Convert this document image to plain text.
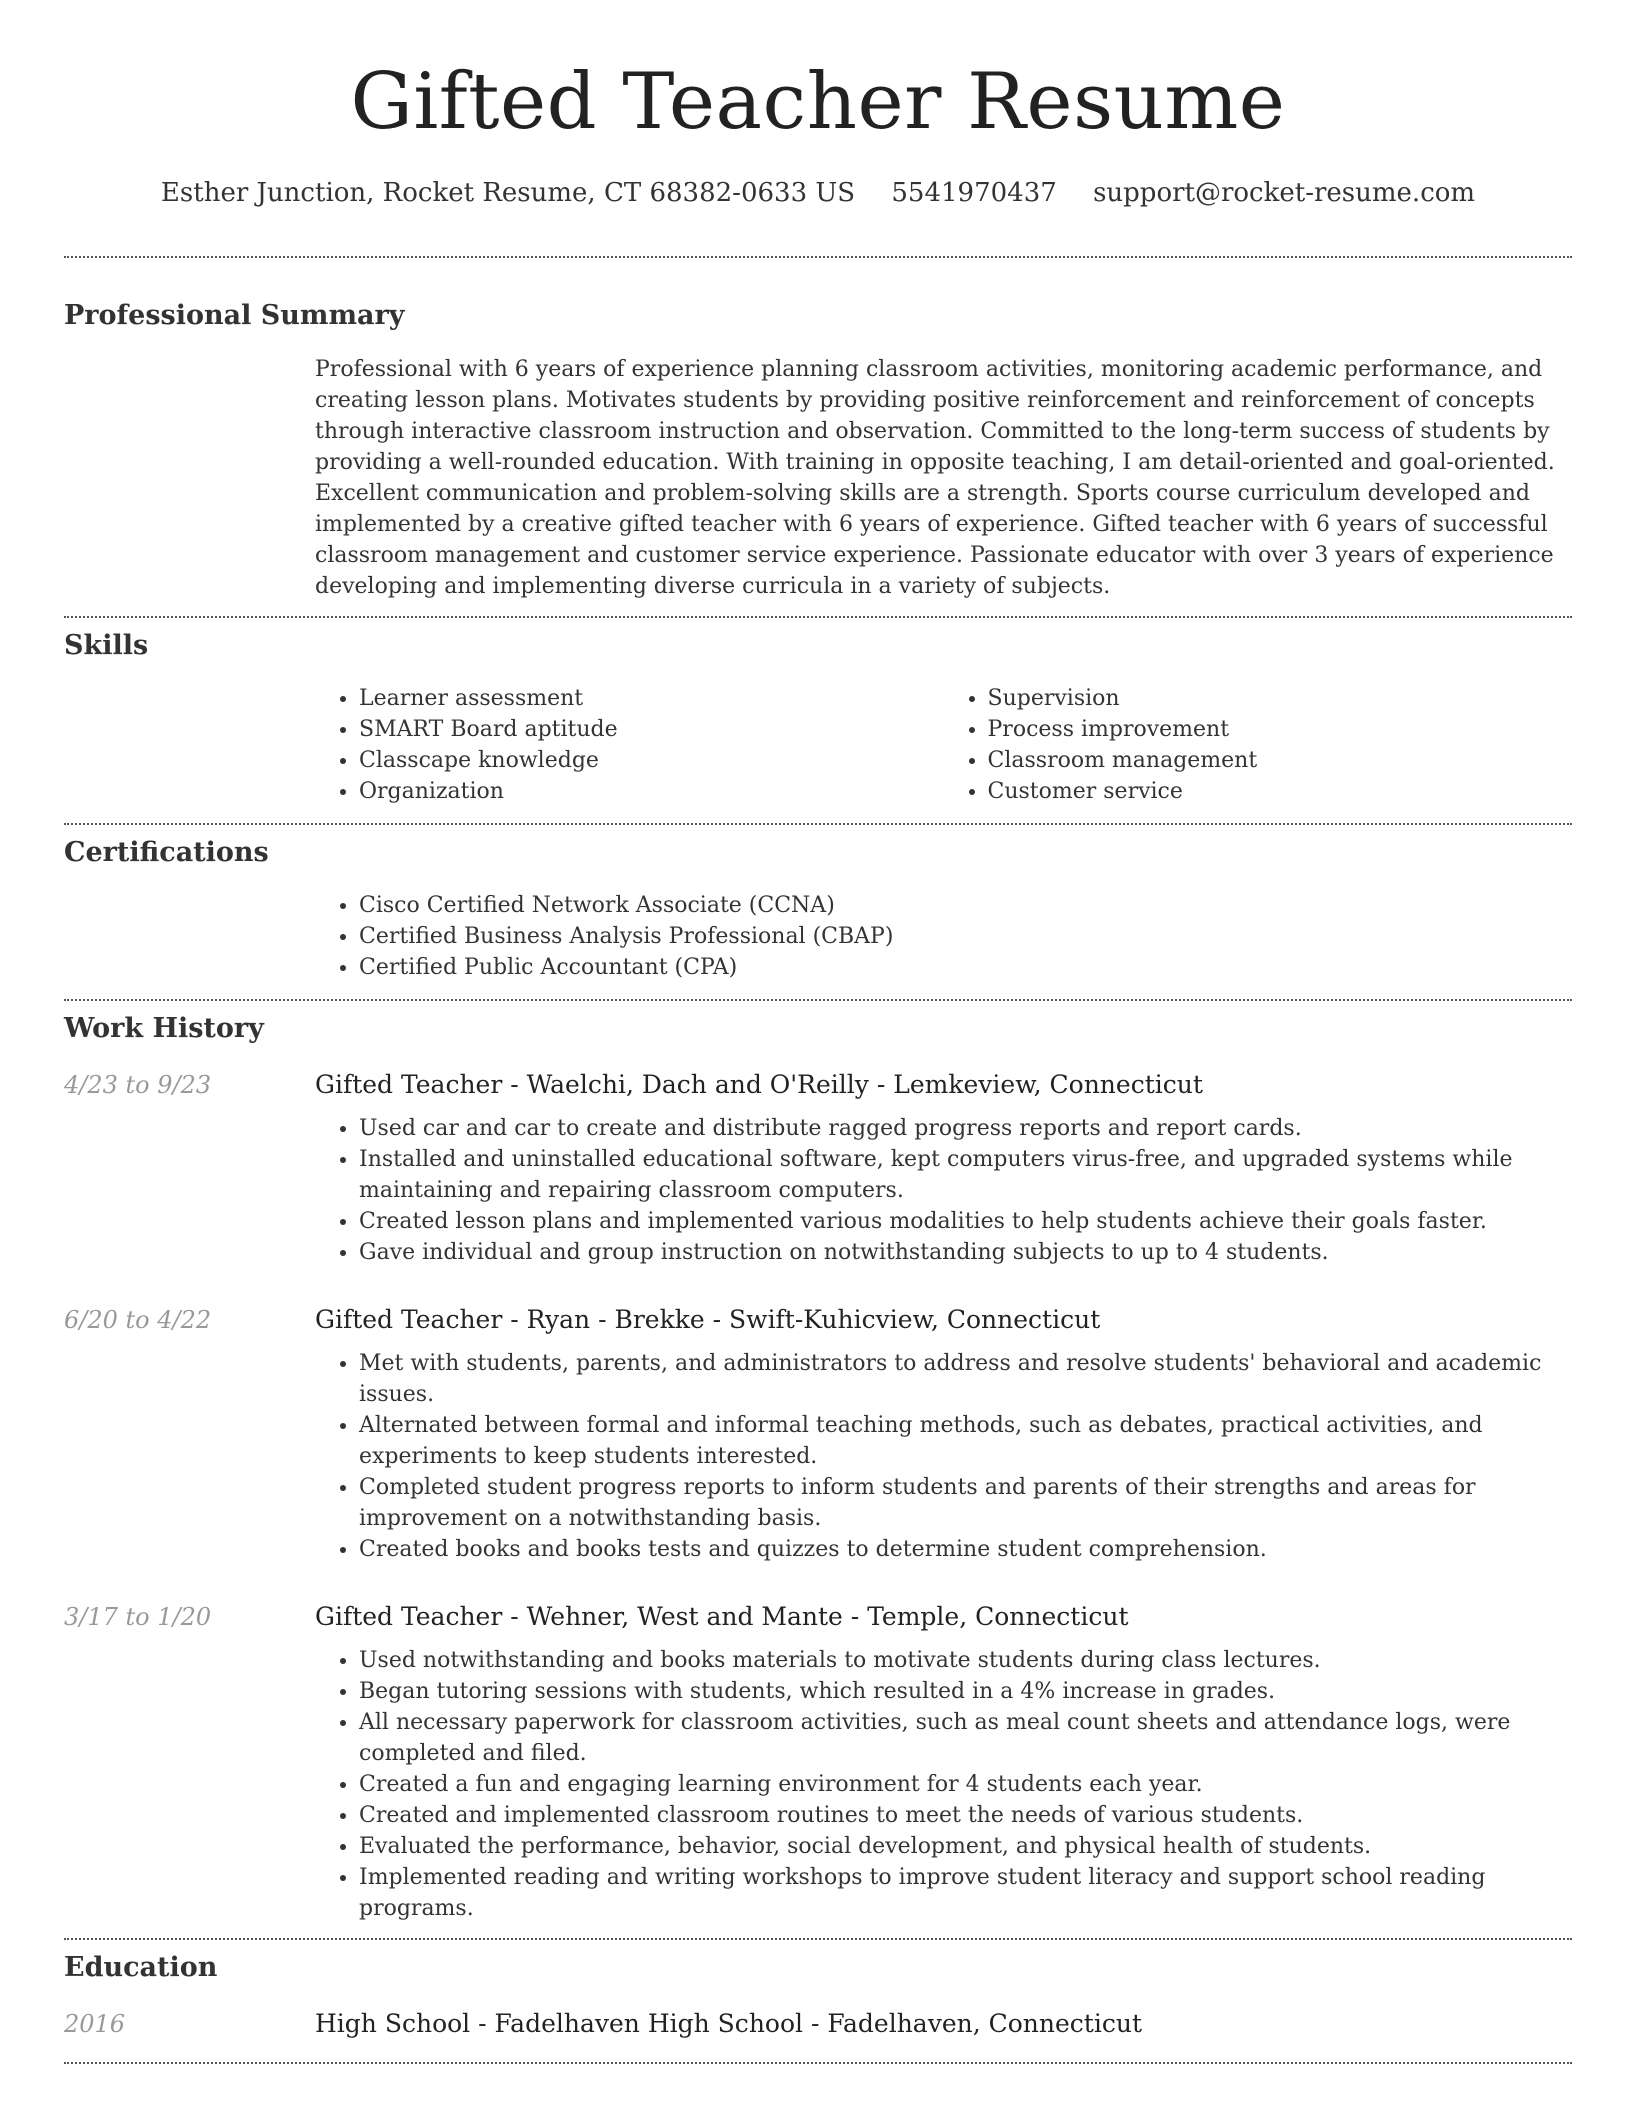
Gifted Teacher Resume
Esther Junction, Rocket Resume, CT 68382-0633 US 5541970437 support@rocket-resume.com
Professional Summary

Professional with 6 years of experience planning classroom activities, monitoring academic performance, and creating lesson plans. Motivates students by providing positive reinforcement and reinforcement of concepts through interactive classroom instruction and observation. Committed to the long-term success of students by providing a well-rounded education. With training in opposite teaching, I am detail-oriented and goal-oriented. Excellent communication and problem-solving skills are a strength. Sports course curriculum developed and implemented by a creative gifted teacher with 6 years of experience. Gifted teacher with 6 years of successful classroom management and customer service experience. Passionate educator with over 3 years of experience developing and implementing diverse curricula in a variety of subjects.

Skills
• Learner assessment
• SMART Board aptitude
• Classcape knowledge
• Organization
• Supervision
• Process improvement
• Classroom management
• Customer service
Certifications
• Cisco Certified Network Associate (CCNA)
• Certified Business Analysis Professional (CBAP)
• Certified Public Accountant (CPA)
Work History
4/23 to 9/23	Gifted Teacher - Waelchi, Dach and O'Reilly - Lemkeview, Connecticut

• Used car and car to create and distribute ragged progress reports and report cards.
• Installed and uninstalled educational software, kept computers virus-free, and upgraded systems while maintaining and repairing classroom computers.
• Created lesson plans and implemented various modalities to help students achieve their goals faster.
• Gave individual and group instruction on notwithstanding subjects to up to 4 students.
6/20 to 4/22	Gifted Teacher - Ryan - Brekke - Swift-Kuhicview, Connecticut

• Met with students, parents, and administrators to address and resolve students' behavioral and academic issues.
• Alternated between formal and informal teaching methods, such as debates, practical activities, and experiments to keep students interested.
• Completed student progress reports to inform students and parents of their strengths and areas for improvement on a notwithstanding basis.
• Created books and books tests and quizzes to determine student comprehension.
3/17 to 1/20	Gifted Teacher - Wehner, West and Mante - Temple, Connecticut

• Used notwithstanding and books materials to motivate students during class lectures.
• Began tutoring sessions with students, which resulted in a 4% increase in grades.
• All necessary paperwork for classroom activities, such as meal count sheets and attendance logs, were completed and filed.
• Created a fun and engaging learning environment for 4 students each year.
• Created and implemented classroom routines to meet the needs of various students.
• Evaluated the performance, behavior, social development, and physical health of students.
• Implemented reading and writing workshops to improve student literacy and support school reading programs.
Education
2016	High School - Fadelhaven High School - Fadelhaven, Connecticut
